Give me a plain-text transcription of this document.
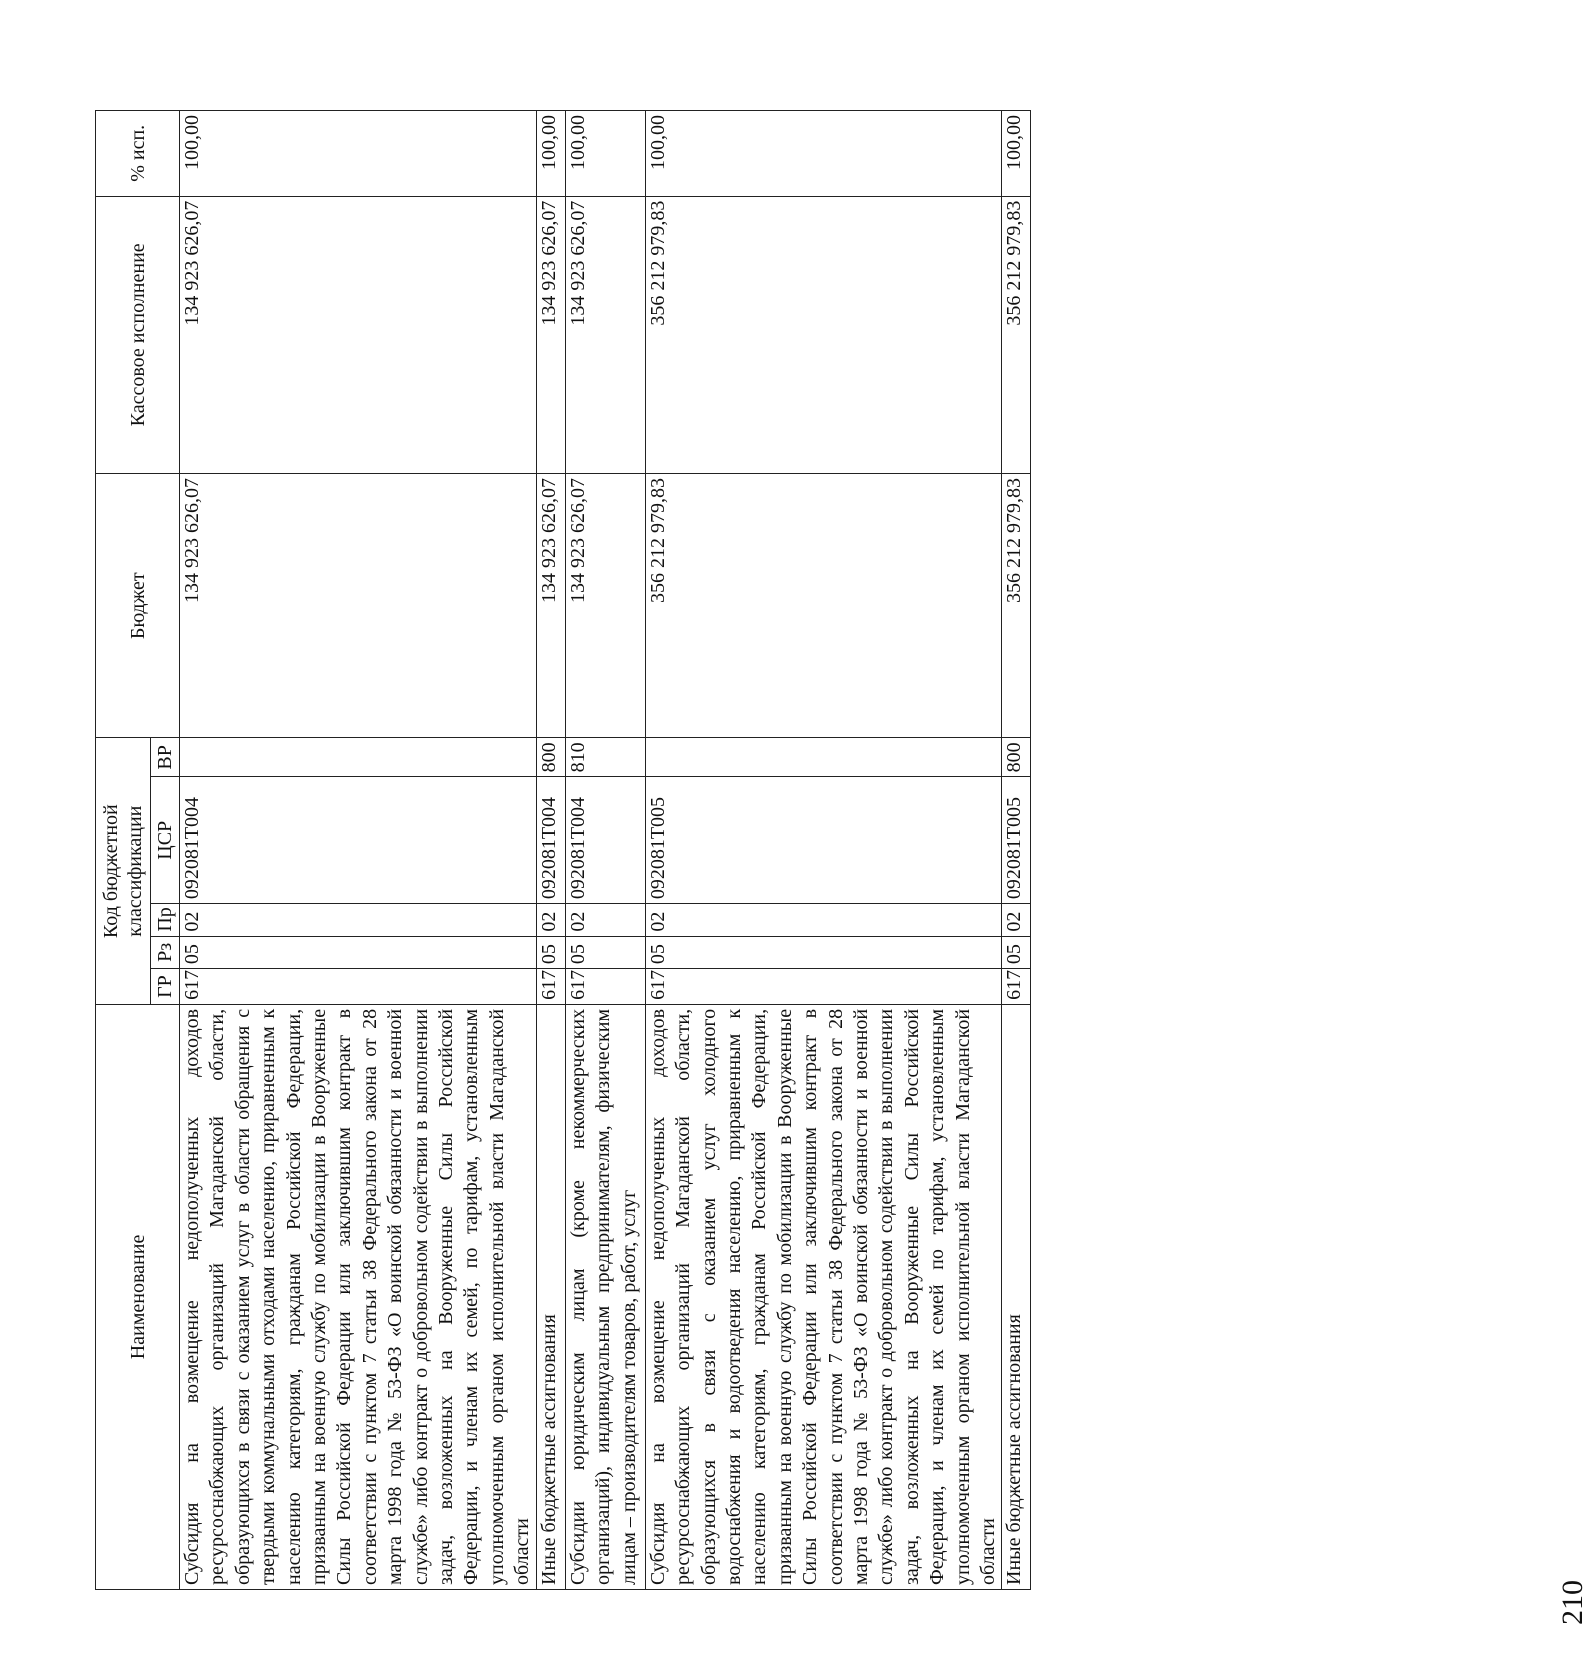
210
Наименование	Код бюджетной классификации					Бюджет	Кассовое исполнение	% исп.
	ГР	Рз	Пр	ЦСР	ВР			
Субсидия на возмещение недополученных доходов ресурсоснабжающих организаций Магаданской области, образующихся в связи с оказанием услуг в области обращения с твердыми коммунальными отходами населению, приравненным к населению категориям, гражданам Российской Федерации, призванным на военную службу по мобилизации в Вооруженные Силы Российской Федерации или заключившим контракт в соответствии с пунктом 7 статьи 38 Федерального закона от 28 марта 1998 года № 53-ФЗ «О воинской обязанности и военной службе» либо контракт о добровольном содействии в выполнении задач, возложенных на Вооруженные Силы Российской Федерации, и членам их семей, по тарифам, установленным уполномоченным органом исполнительной власти Магаданской области	617	05	02	092081Т004		134 923 626,07	134 923 626,07	100,00
Иные бюджетные ассигнования	617	05	02	092081Т004	800	134 923 626,07	134 923 626,07	100,00
Субсидии юридическим лицам (кроме некоммерческих организаций), индивидуальным предпринимателям, физическим лицам – производителям товаров, работ, услуг	617	05	02	092081Т004	810	134 923 626,07	134 923 626,07	100,00
Субсидия на возмещение недополученных доходов ресурсоснабжающих организаций Магаданской области, образующихся в связи с оказанием услуг холодного водоснабжения и водоотведения населению, приравненным к населению категориям, гражданам Российской Федерации, призванным на военную службу по мобилизации в Вооруженные Силы Российской Федерации или заключившим контракт в соответствии с пунктом 7 статьи 38 Федерального закона от 28 марта 1998 года № 53-ФЗ «О воинской обязанности и военной службе» либо контракт о добровольном содействии в выполнении задач, возложенных на Вооруженные Силы Российской Федерации, и членам их семей по тарифам, установленным уполномоченным органом исполнительной власти Магаданской области	617	05	02	092081Т005		356 212 979,83	356 212 979,83	100,00
Иные бюджетные ассигнования	617	05	02	092081Т005	800	356 212 979,83	356 212 979,83	100,00
